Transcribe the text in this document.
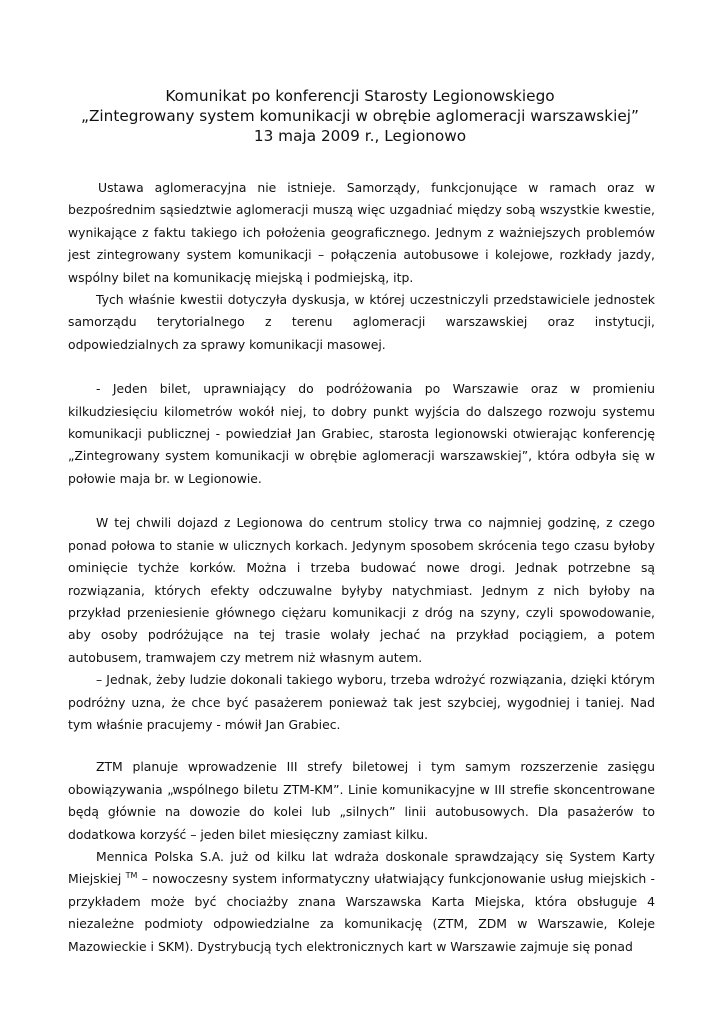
Komunikat po konferencji Starosty Legionowskiego
„Zintegrowany system komunikacji w obrębie aglomeracji warszawskiej”
13 maja 2009 r., Legionowo

Ustawa aglomeracyjna nie istnieje. Samorządy, funkcjonujące w ramach oraz w bezpośrednim sąsiedztwie aglomeracji muszą więc uzgadniać między sobą wszystkie kwestie, wynikające z faktu takiego ich położenia geograficznego. Jednym z ważniejszych problemów jest zintegrowany system komunikacji – połączenia autobusowe i kolejowe, rozkłady jazdy, wspólny bilet na komunikację miejską i podmiejską, itp.

Tych właśnie kwestii dotyczyła dyskusja, w której uczestniczyli przedstawiciele jednostek samorządu terytorialnego z terenu aglomeracji warszawskiej oraz instytucji, odpowiedzialnych za sprawy komunikacji masowej.

- Jeden bilet, uprawniający do podróżowania po Warszawie oraz w promieniu kilkudziesięciu kilometrów wokół niej, to dobry punkt wyjścia do dalszego rozwoju systemu komunikacji publicznej - powiedział Jan Grabiec, starosta legionowski otwierając konferencję „Zintegrowany system komunikacji w obrębie aglomeracji warszawskiej”, która odbyła się w połowie maja br. w Legionowie.

W tej chwili dojazd z Legionowa do centrum stolicy trwa co najmniej godzinę, z czego ponad połowa to stanie w ulicznych korkach. Jedynym sposobem skrócenia tego czasu byłoby ominięcie tychże korków. Można i trzeba budować nowe drogi. Jednak potrzebne są rozwiązania, których efekty odczuwalne byłyby natychmiast. Jednym z nich byłoby na przykład przeniesienie głównego ciężaru komunikacji z dróg na szyny, czyli spowodowanie, aby osoby podróżujące na tej trasie wolały jechać na przykład pociągiem, a potem autobusem, tramwajem czy metrem niż własnym autem.

– Jednak, żeby ludzie dokonali takiego wyboru, trzeba wdrożyć rozwiązania, dzięki którym podróżny uzna, że chce być pasażerem ponieważ tak jest szybciej, wygodniej i taniej. Nad tym właśnie pracujemy - mówił Jan Grabiec.

ZTM planuje wprowadzenie III strefy biletowej i tym samym rozszerzenie zasięgu obowiązywania „wspólnego biletu ZTM-KM”. Linie komunikacyjne w III strefie skoncentrowane będą głównie na dowozie do kolei lub „silnych” linii autobusowych. Dla pasażerów to dodatkowa korzyść – jeden bilet miesięczny zamiast kilku.

Mennica Polska S.A. już od kilku lat wdraża doskonale sprawdzający się System Karty Miejskiej ™ – nowoczesny system informatyczny ułatwiający funkcjonowanie usług miejskich - przykładem może być chociażby znana Warszawska Karta Miejska, która obsługuje 4 niezależne podmioty odpowiedzialne za komunikację (ZTM, ZDM w Warszawie, Koleje Mazowieckie i SKM). Dystrybucją tych elektronicznych kart w Warszawie zajmuje się ponad
